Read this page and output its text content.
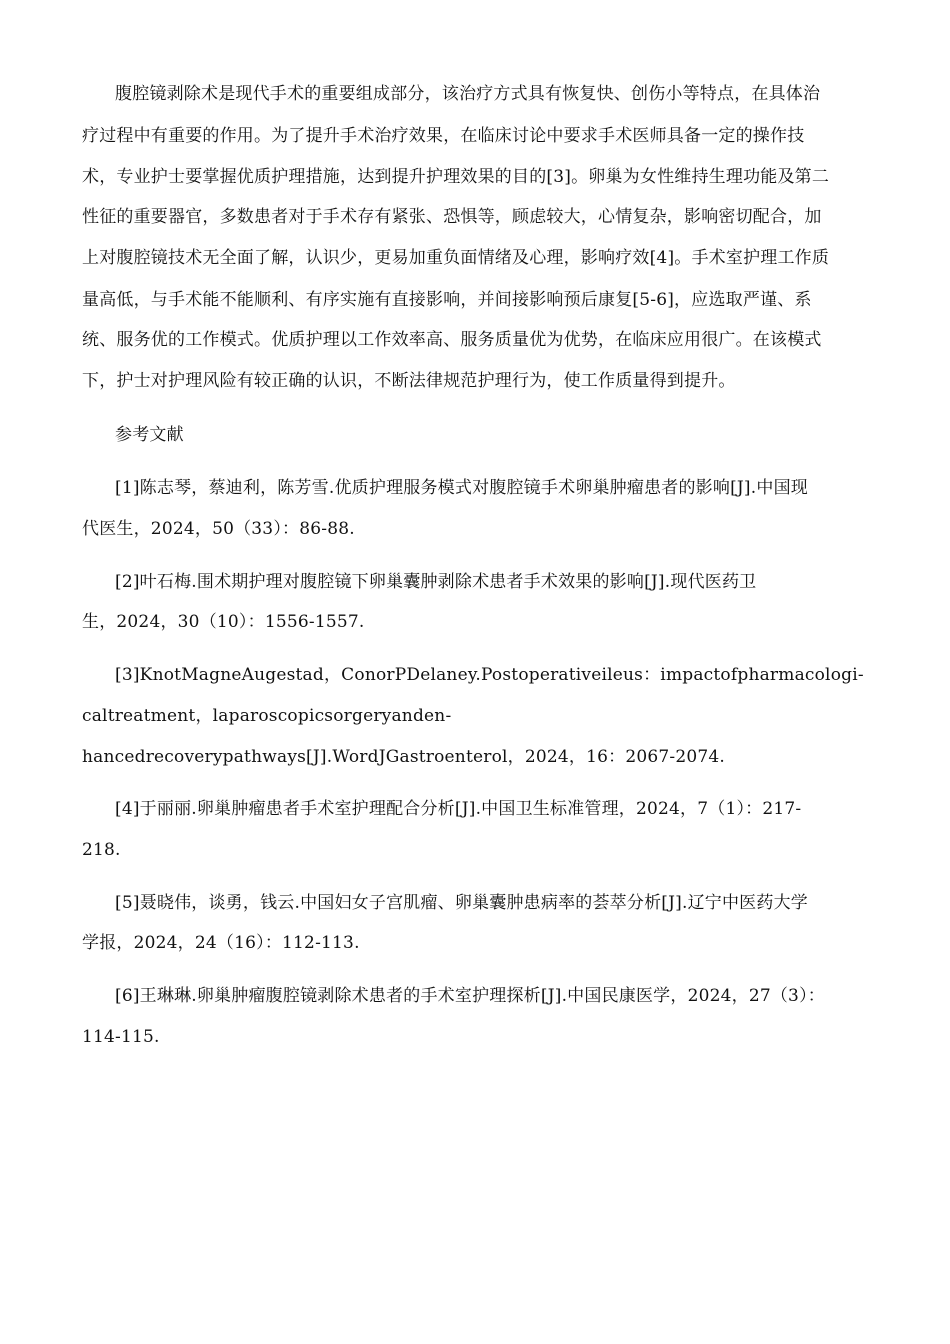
腹腔镜剥除术是现代手术的重要组成部分，该治疗方式具有恢复快、创伤小等特点，在具体治
疗过程中有重要的作用。为了提升手术治疗效果，在临床讨论中要求手术医师具备一定的操作技
术，专业护士要掌握优质护理措施，达到提升护理效果的目的[3]。卵巢为女性维持生理功能及第二
性征的重要器官，多数患者对于手术存有紧张、恐惧等，顾虑较大，心情复杂，影响密切配合，加
上对腹腔镜技术无全面了解，认识少，更易加重负面情绪及心理，影响疗效[4]。手术室护理工作质
量高低，与手术能不能顺利、有序实施有直接影响，并间接影响预后康复[5-6]，应选取严谨、系
统、服务优的工作模式。优质护理以工作效率高、服务质量优为优势，在临床应用很广。在该模式
下，护士对护理风险有较正确的认识，不断法律规范护理行为，使工作质量得到提升。
参考文献
[1]陈志琴，蔡迪利，陈芳雪.优质护理服务模式对腹腔镜手术卵巢肿瘤患者的影响[J].中国现
代医生，2024，50（33）：86-88.
[2]叶石梅.围术期护理对腹腔镜下卵巢囊肿剥除术患者手术效果的影响[J].现代医药卫
生，2024，30（10）：1556-1557.
[3]KnotMagneAugestad，ConorPDelaney.Postoperativeileus：impactofpharmacologi-
caltreatment，laparoscopicsorgeryanden-
hancedrecoverypathways[J].WordJGastroenterol，2024，16：2067-2074.
[4]于丽丽.卵巢肿瘤患者手术室护理配合分析[J].中国卫生标准管理，2024，7（1）：217-
218.
[5]聂晓伟，谈勇，钱云.中国妇女子宫肌瘤、卵巢囊肿患病率的荟萃分析[J].辽宁中医药大学
学报，2024，24（16）：112-113.
[6]王琳琳.卵巢肿瘤腹腔镜剥除术患者的手术室护理探析[J].中国民康医学，2024，27（3）：
114-115.
